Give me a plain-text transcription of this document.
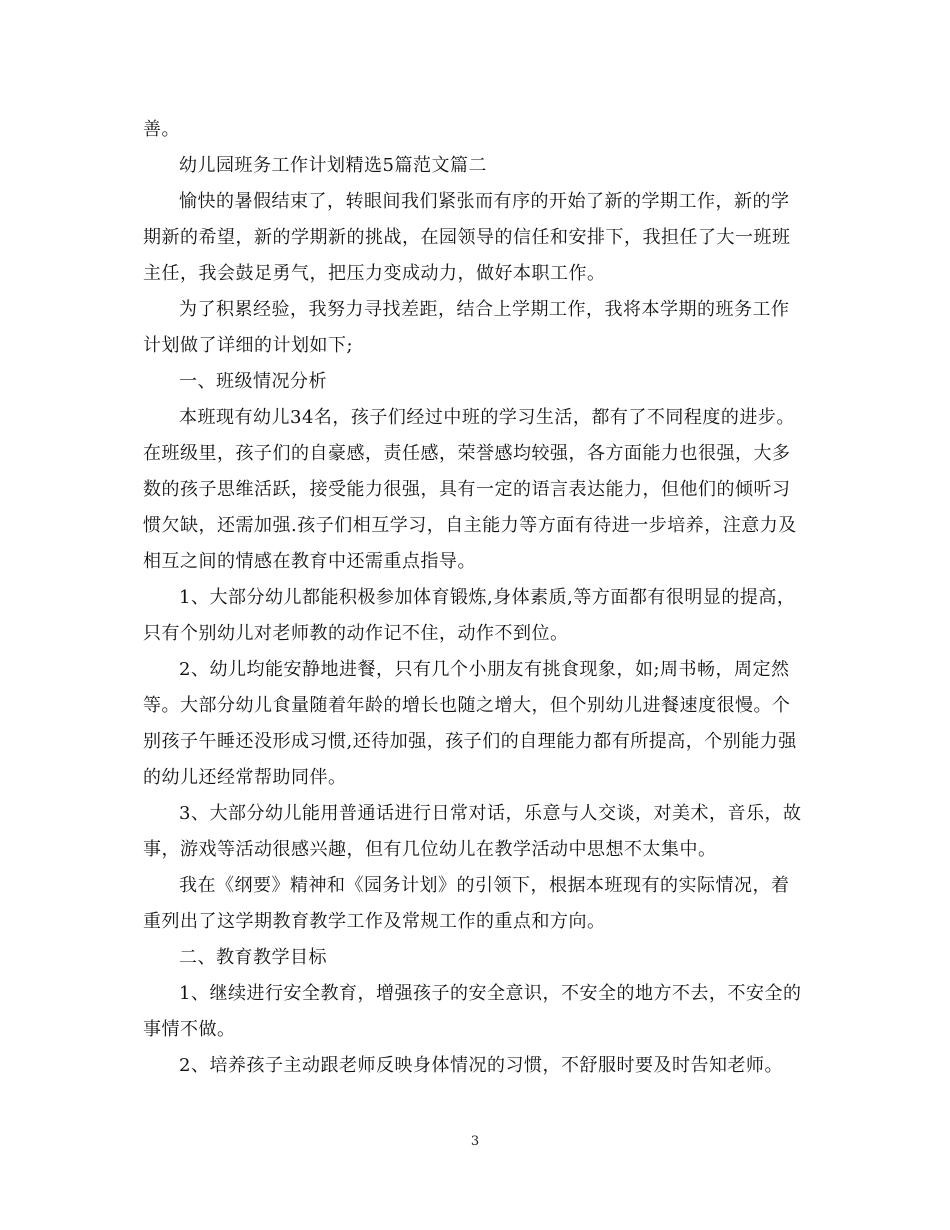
善。

幼儿园班务工作计划精选5篇范文篇二

愉快的暑假结束了，转眼间我们紧张而有序的开始了新的学期工作，新的学期新的希望，新的学期新的挑战，在园领导的信任和安排下，我担任了大一班班主任，我会鼓足勇气，把压力变成动力，做好本职工作。

为了积累经验，我努力寻找差距，结合上学期工作，我将本学期的班务工作计划做了详细的计划如下;

一、班级情况分析

本班现有幼儿34名，孩子们经过中班的学习生活，都有了不同程度的进步。在班级里，孩子们的自豪感，责任感，荣誉感均较强，各方面能力也很强，大多数的孩子思维活跃，接受能力很强，具有一定的语言表达能力，但他们的倾听习惯欠缺，还需加强.孩子们相互学习，自主能力等方面有待进一步培养，注意力及相互之间的情感在教育中还需重点指导。

1、大部分幼儿都能积极参加体育锻炼,身体素质,等方面都有很明显的提高，只有个别幼儿对老师教的动作记不住，动作不到位。

2、幼儿均能安静地进餐，只有几个小朋友有挑食现象，如;周书畅，周定然等。大部分幼儿食量随着年龄的增长也随之增大，但个别幼儿进餐速度很慢。个别孩子午睡还没形成习惯,还待加强，孩子们的自理能力都有所提高，个别能力强的幼儿还经常帮助同伴。

3、大部分幼儿能用普通话进行日常对话，乐意与人交谈，对美术，音乐，故事，游戏等活动很感兴趣，但有几位幼儿在教学活动中思想不太集中。

我在《纲要》精神和《园务计划》的引领下，根据本班现有的实际情况，着重列出了这学期教育教学工作及常规工作的重点和方向。

二、教育教学目标

1、继续进行安全教育，增强孩子的安全意识，不安全的地方不去，不安全的事情不做。

2、培养孩子主动跟老师反映身体情况的习惯，不舒服时要及时告知老师。

3
